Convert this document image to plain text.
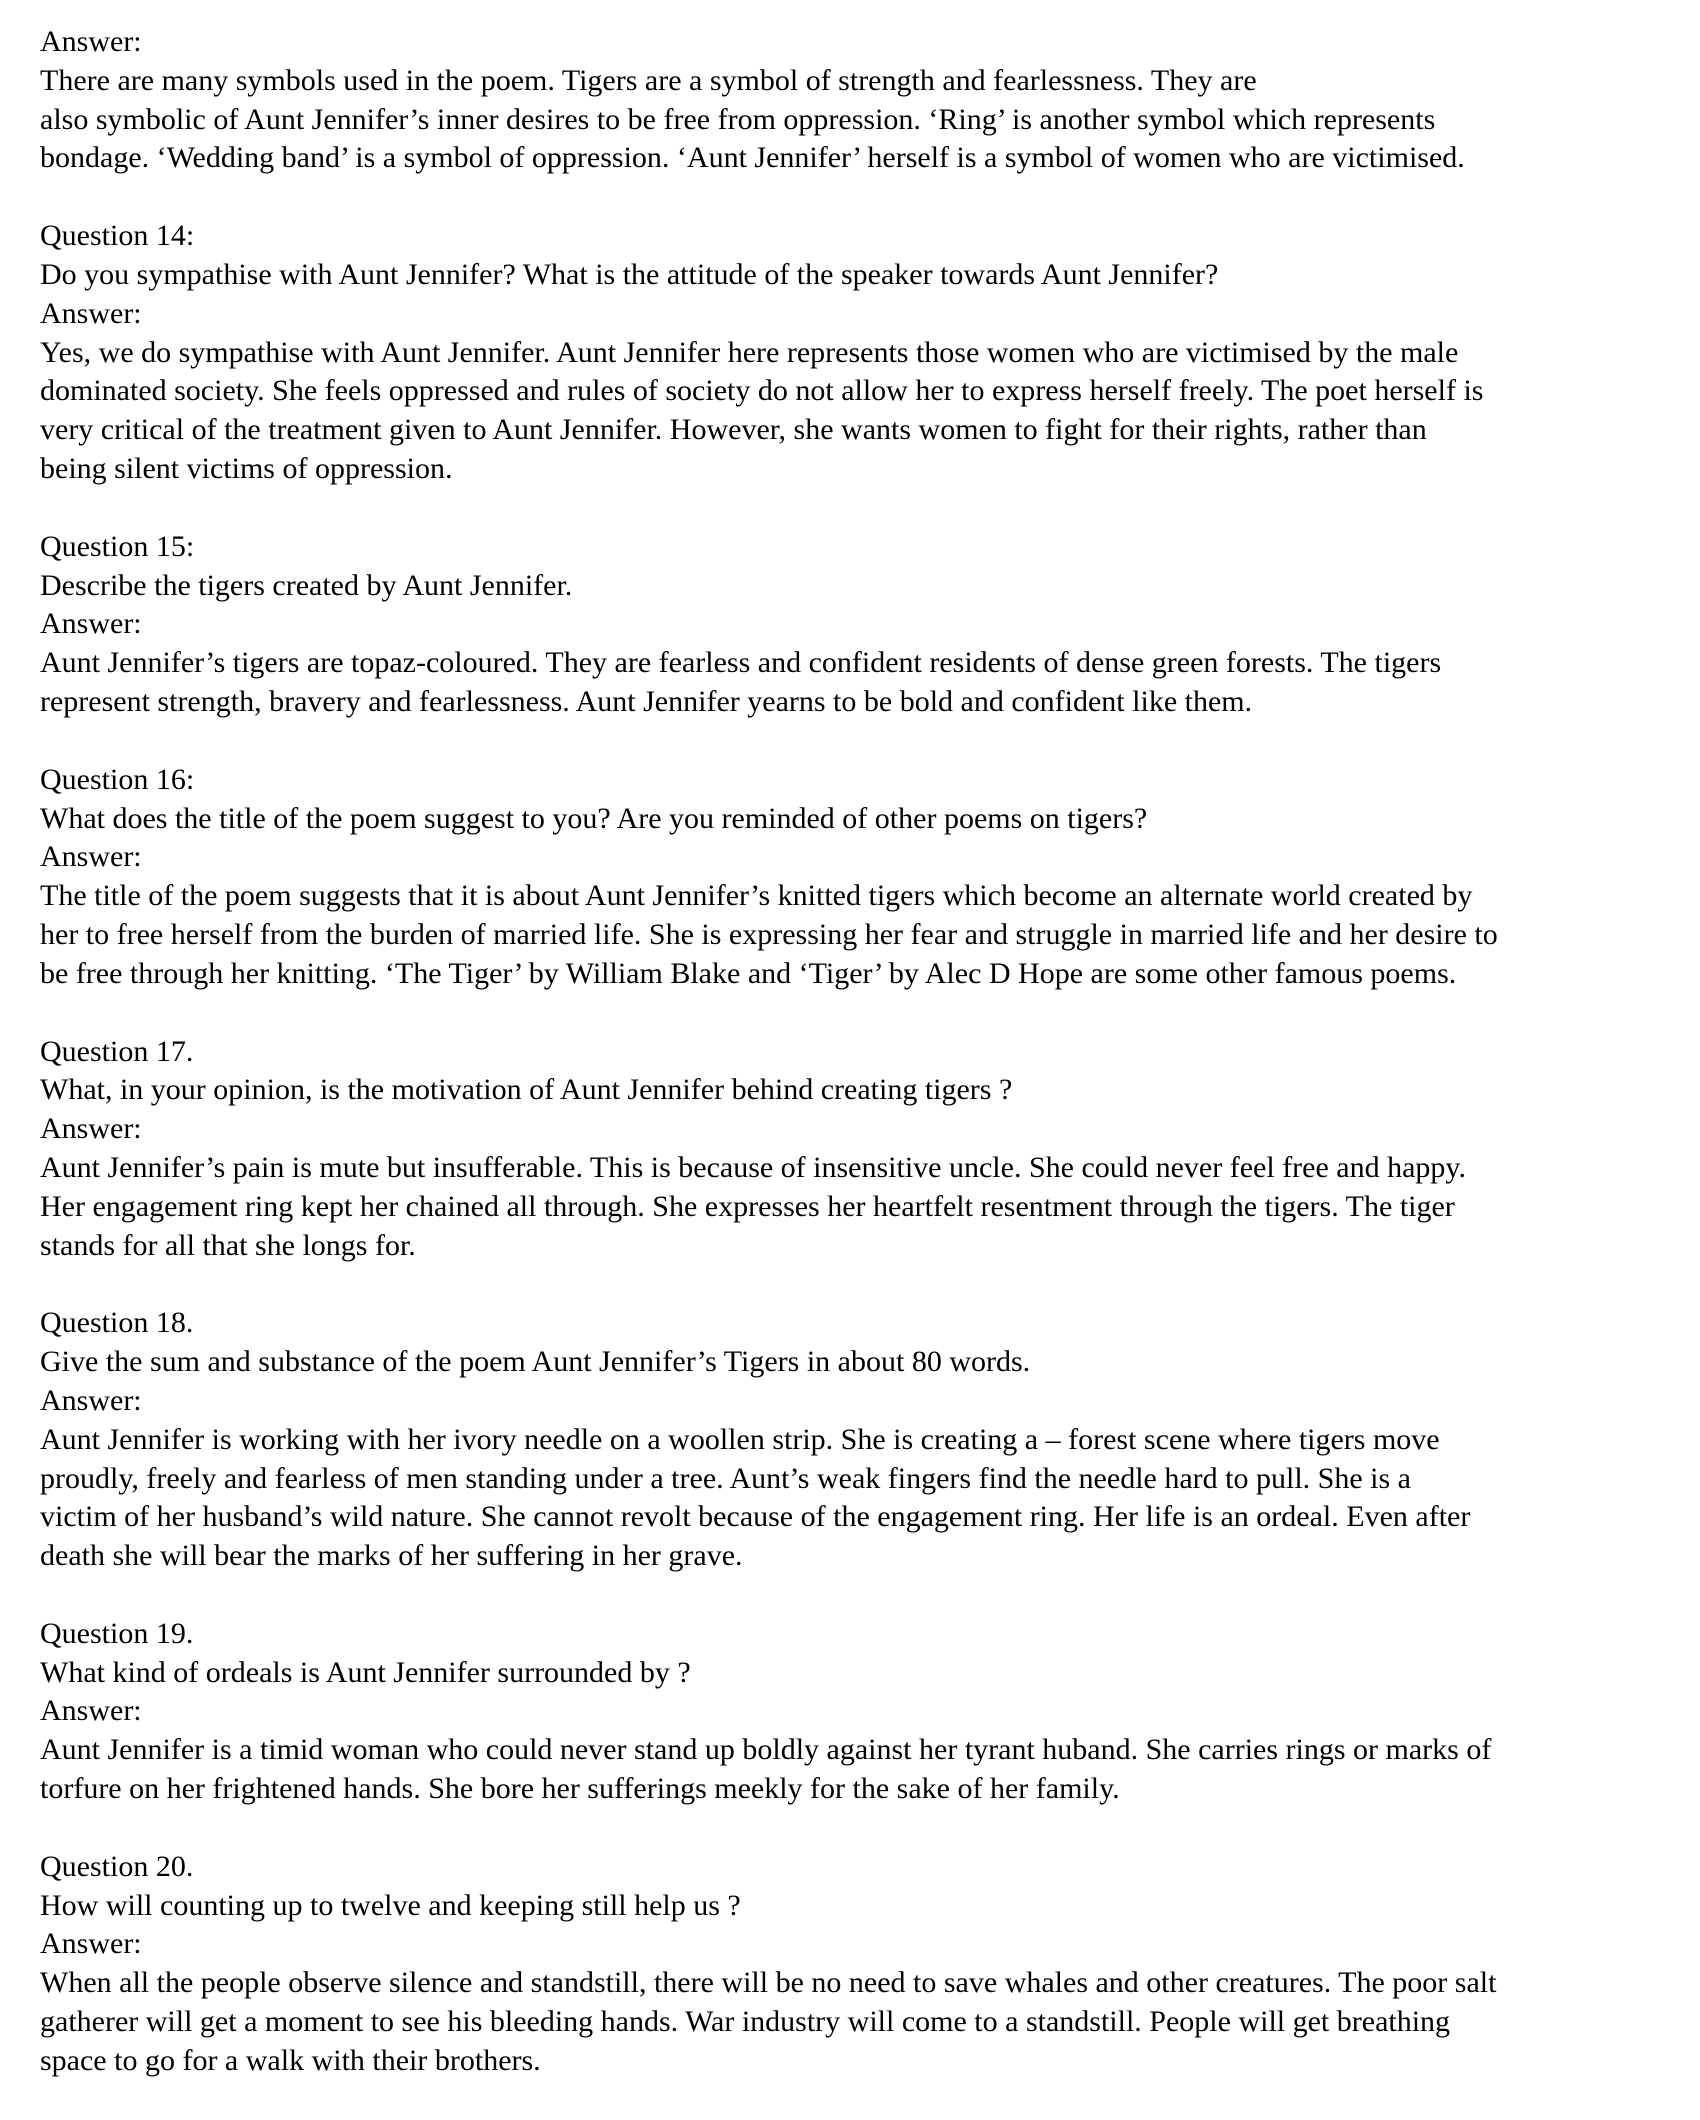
Answer:
There are many symbols used in the poem. Tigers are a symbol of strength and fearlessness. They are
also symbolic of Aunt Jennifer’s inner desires to be free from oppression. ‘Ring’ is another symbol which represents
bondage. ‘Wedding band’ is a symbol of oppression. ‘Aunt Jennifer’ herself is a symbol of women who are victimised.
Question 14:
Do you sympathise with Aunt Jennifer? What is the attitude of the speaker towards Aunt Jennifer?
Answer:
Yes, we do sympathise with Aunt Jennifer. Aunt Jennifer here represents those women who are victimised by the male
dominated society. She feels oppressed and rules of society do not allow her to express herself freely. The poet herself is
very critical of the treatment given to Aunt Jennifer. However, she wants women to fight for their rights, rather than
being silent victims of oppression.
Question 15:
Describe the tigers created by Aunt Jennifer.
Answer:
Aunt Jennifer’s tigers are topaz-coloured. They are fearless and confident residents of dense green forests. The tigers
represent strength, bravery and fearlessness. Aunt Jennifer yearns to be bold and confident like them.
Question 16:
What does the title of the poem suggest to you? Are you reminded of other poems on tigers?
Answer:
The title of the poem suggests that it is about Aunt Jennifer’s knitted tigers which become an alternate world created by
her to free herself from the burden of married life. She is expressing her fear and struggle in married life and her desire to
be free through her knitting. ‘The Tiger’ by William Blake and ‘Tiger’ by Alec D Hope are some other famous poems.
Question 17.
What, in your opinion, is the motivation of Aunt Jennifer behind creating tigers ?
Answer:
Aunt Jennifer’s pain is mute but insufferable. This is because of insensitive uncle. She could never feel free and happy.
Her engagement ring kept her chained all through. She expresses her heartfelt resentment through the tigers. The tiger
stands for all that she longs for.
Question 18.
Give the sum and substance of the poem Aunt Jennifer’s Tigers in about 80 words.
Answer:
Aunt Jennifer is working with her ivory needle on a woollen strip. She is creating a – forest scene where tigers move
proudly, freely and fearless of men standing under a tree. Aunt’s weak fingers find the needle hard to pull. She is a
victim of her husband’s wild nature. She cannot revolt because of the engagement ring. Her life is an ordeal. Even after
death she will bear the marks of her suffering in her grave.
Question 19.
What kind of ordeals is Aunt Jennifer surrounded by ?
Answer:
Aunt Jennifer is a timid woman who could never stand up boldly against her tyrant huband. She carries rings or marks of
torfure on her frightened hands. She bore her sufferings meekly for the sake of her family.
Question 20.
How will counting up to twelve and keeping still help us ?
Answer:
When all the people observe silence and standstill, there will be no need to save whales and other creatures. The poor salt
gatherer will get a moment to see his bleeding hands. War industry will come to a standstill. People will get breathing
space to go for a walk with their brothers.
